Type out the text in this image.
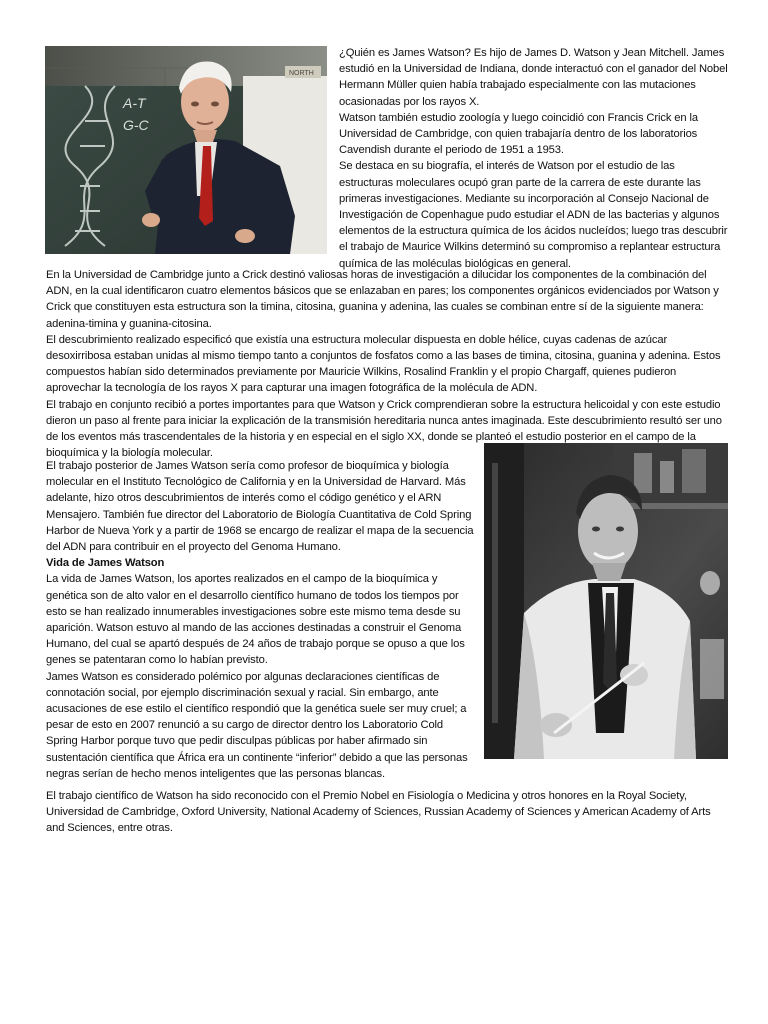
NORTH
A-T
G-C

¿Quién es James Watson? Es hijo de James D. Watson y Jean Mitchell. James estudió en la Universidad de Indiana, donde interactuó con el ganador del Nobel Hermann Müller quien había trabajado especialmente con las mutaciones ocasionadas por los rayos X.

Watson también estudio zoología y luego coincidió con Francis Crick en la Universidad de Cambridge, con quien trabajaría dentro de los laboratorios Cavendish durante el periodo de 1951 a 1953.

Se destaca en su biografía, el interés de Watson por el estudio de las estructuras moleculares ocupó gran parte de la carrera de este durante las primeras investigaciones. Mediante su incorporación al Consejo Nacional de Investigación de Copenhague pudo estudiar el ADN de las bacterias y algunos elementos de la estructura química de los ácidos nucleídos; luego tras descubrir el trabajo de Maurice Wilkins determinó su compromiso a replantear estructura química de las moléculas biológicas en general.

En la Universidad de Cambridge junto a Crick destinó valiosas horas de investigación a dilucidar los componentes de la combinación del ADN, en la cual identificaron cuatro elementos básicos que se enlazaban en pares; los componentes orgánicos evidenciados por Watson y Crick que constituyen esta estructura son la timina, citosina, guanina y adenina, las cuales se combinan entre sí de la siguiente manera: adenina-timina y guanina-citosina.

El descubrimiento realizado especificó que existía una estructura molecular dispuesta en doble hélice, cuyas cadenas de azúcar desoxirribosa estaban unidas al mismo tiempo tanto a conjuntos de fosfatos como a las bases de timina, citosina, guanina y adenina. Estos compuestos habían sido determinados previamente por Mauricie Wilkins, Rosalind Franklin y el propio Chargaff, quienes pudieron aprovechar la tecnología de los rayos X para capturar una imagen fotográfica de la molécula de ADN.

El trabajo en conjunto recibió a portes importantes para que Watson y Crick comprendieran sobre la estructura helicoidal y con este estudio dieron un paso al frente para iniciar la explicación de la transmisión hereditaria nunca antes imaginada. Este descubrimiento resultó ser uno de los eventos más trascendentales de la historia y en especial en el siglo XX, donde se planteó el estudio posterior en el campo de la bioquímica y la biología molecular.

El trabajo posterior de James Watson sería como profesor de bioquímica y biología molecular en el Instituto Tecnológico de California y en la Universidad de Harvard. Más adelante, hizo otros descubrimientos de interés como el código genético y el ARN Mensajero. También fue director del Laboratorio de Biología Cuantitativa de Cold Spring Harbor de Nueva York y a partir de 1968 se encargo de realizar el mapa de la secuencia del ADN para contribuir en el proyecto del Genoma Humano.

Vida de James Watson

La vida de James Watson, los aportes realizados en el campo de la bioquímica y genética son de alto valor en el desarrollo científico humano de todos los tiempos por esto se han realizado innumerables investigaciones sobre este mismo tema desde su aparición. Watson estuvo al mando de las acciones destinadas a construir el Genoma Humano, del cual se apartó después de 24 años de trabajo porque se opuso a que los genes se patentaran como lo habían previsto.

James Watson es considerado polémico por algunas declaraciones científicas de connotación social, por ejemplo discriminación sexual y racial. Sin embargo, ante acusaciones de ese estilo el científico respondió que la genética suele ser muy cruel; a pesar de esto en 2007 renunció a su cargo de director dentro los Laboratorio Cold Spring Harbor porque tuvo que pedir disculpas públicas por haber afirmado sin sustentación científica que África era un continente “inferior” debido a que las personas negras serían de hecho menos inteligentes que las personas blancas.

El trabajo científico de Watson ha sido reconocido con el Premio Nobel en Fisiología o Medicina y otros honores en la Royal Society, Universidad de Cambridge, Oxford University, National Academy of Sciences, Russian Academy of Sciences y American Academy of Arts and Sciences, entre otras.
